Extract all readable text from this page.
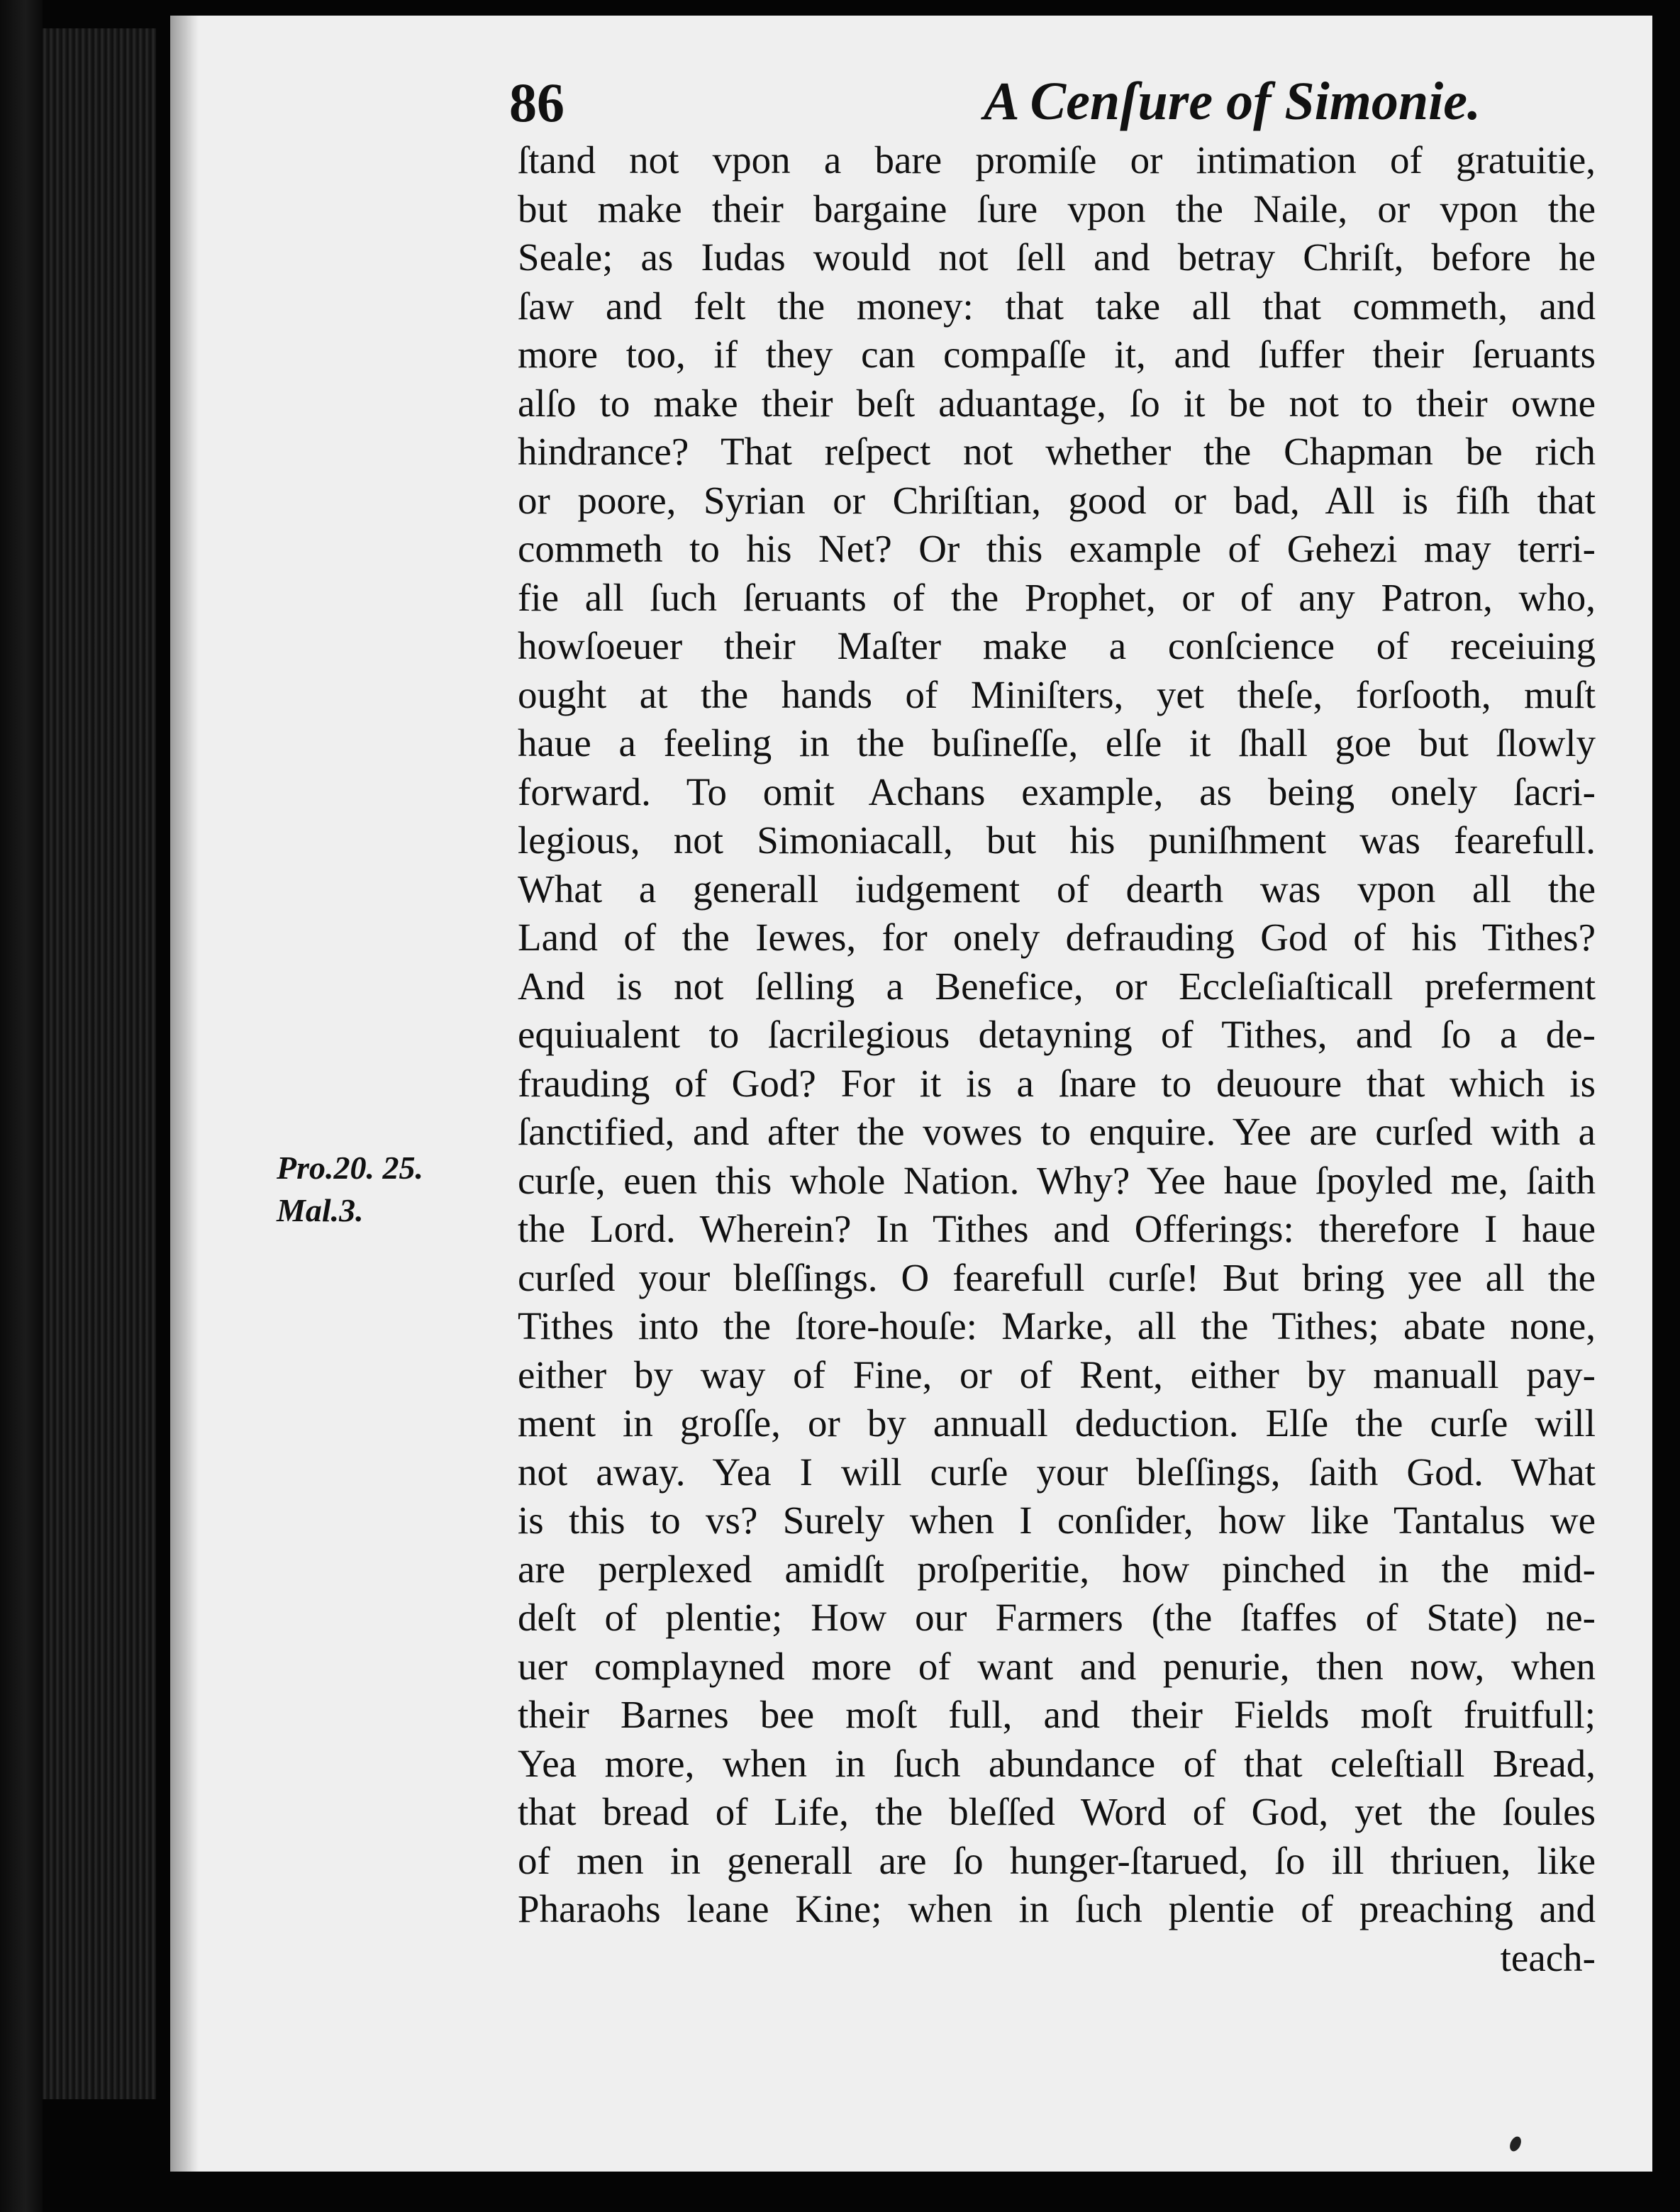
86	A Cenſure of Simonie.
Pro.20. 25.
Mal.3.
ſtand not vpon a bare promiſe or intimation of gratuitie,
but make their bargaine ſure vpon the Naile, or vpon the
Seale; as Iudas would not ſell and betray Chriſt, before he
ſaw and felt the money: that take all that commeth, and
more too, if they can compaſſe it, and ſuffer their ſeruants
alſo to make their beſt aduantage, ſo it be not to their owne
hindrance? That reſpect not whether the Chapman be rich
or poore, Syrian or Chriſtian, good or bad, All is fiſh that
commeth to his Net? Or this example of Gehezi may terri-
fie all ſuch ſeruants of the Prophet, or of any Patron, who,
howſoeuer their Maſter make a conſcience of receiuing
ought at the hands of Miniſters, yet theſe, forſooth, muſt
haue a feeling in the buſineſſe, elſe it ſhall goe but ſlowly
forward. To omit Achans example, as being onely ſacri-
legious, not Simoniacall, but his puniſhment was fearefull.
What a generall iudgement of dearth was vpon all the
Land of the Iewes, for onely defrauding God of his Tithes?
And is not ſelling a Benefice, or Eccleſiaſticall preferment
equiualent to ſacrilegious detayning of Tithes, and ſo a de-
frauding of God? For it is a ſnare to deuoure that which is
ſanctified, and after the vowes to enquire. Yee are curſed with a
curſe, euen this whole Nation. Why? Yee haue ſpoyled me, ſaith
the Lord. Wherein? In Tithes and Offerings: therefore I haue
curſed your bleſſings. O fearefull curſe! But bring yee all the
Tithes into the ſtore-houſe: Marke, all the Tithes; abate none,
either by way of Fine, or of Rent, either by manuall pay-
ment in groſſe, or by annuall deduction. Elſe the curſe will
not away. Yea I will curſe your bleſſings, ſaith God. What
is this to vs? Surely when I conſider, how like Tantalus we
are perplexed amidſt proſperitie, how pinched in the mid-
deſt of plentie; How our Farmers (the ſtaffes of State) ne-
uer complayned more of want and penurie, then now, when
their Barnes bee moſt full, and their Fields moſt fruitfull;
Yea more, when in ſuch abundance of that celeſtiall Bread,
that bread of Life, the bleſſed Word of God, yet the ſoules
of men in generall are ſo hunger-ſtarued, ſo ill thriuen, like
Pharaohs leane Kine; when in ſuch plentie of preaching and
teach-
